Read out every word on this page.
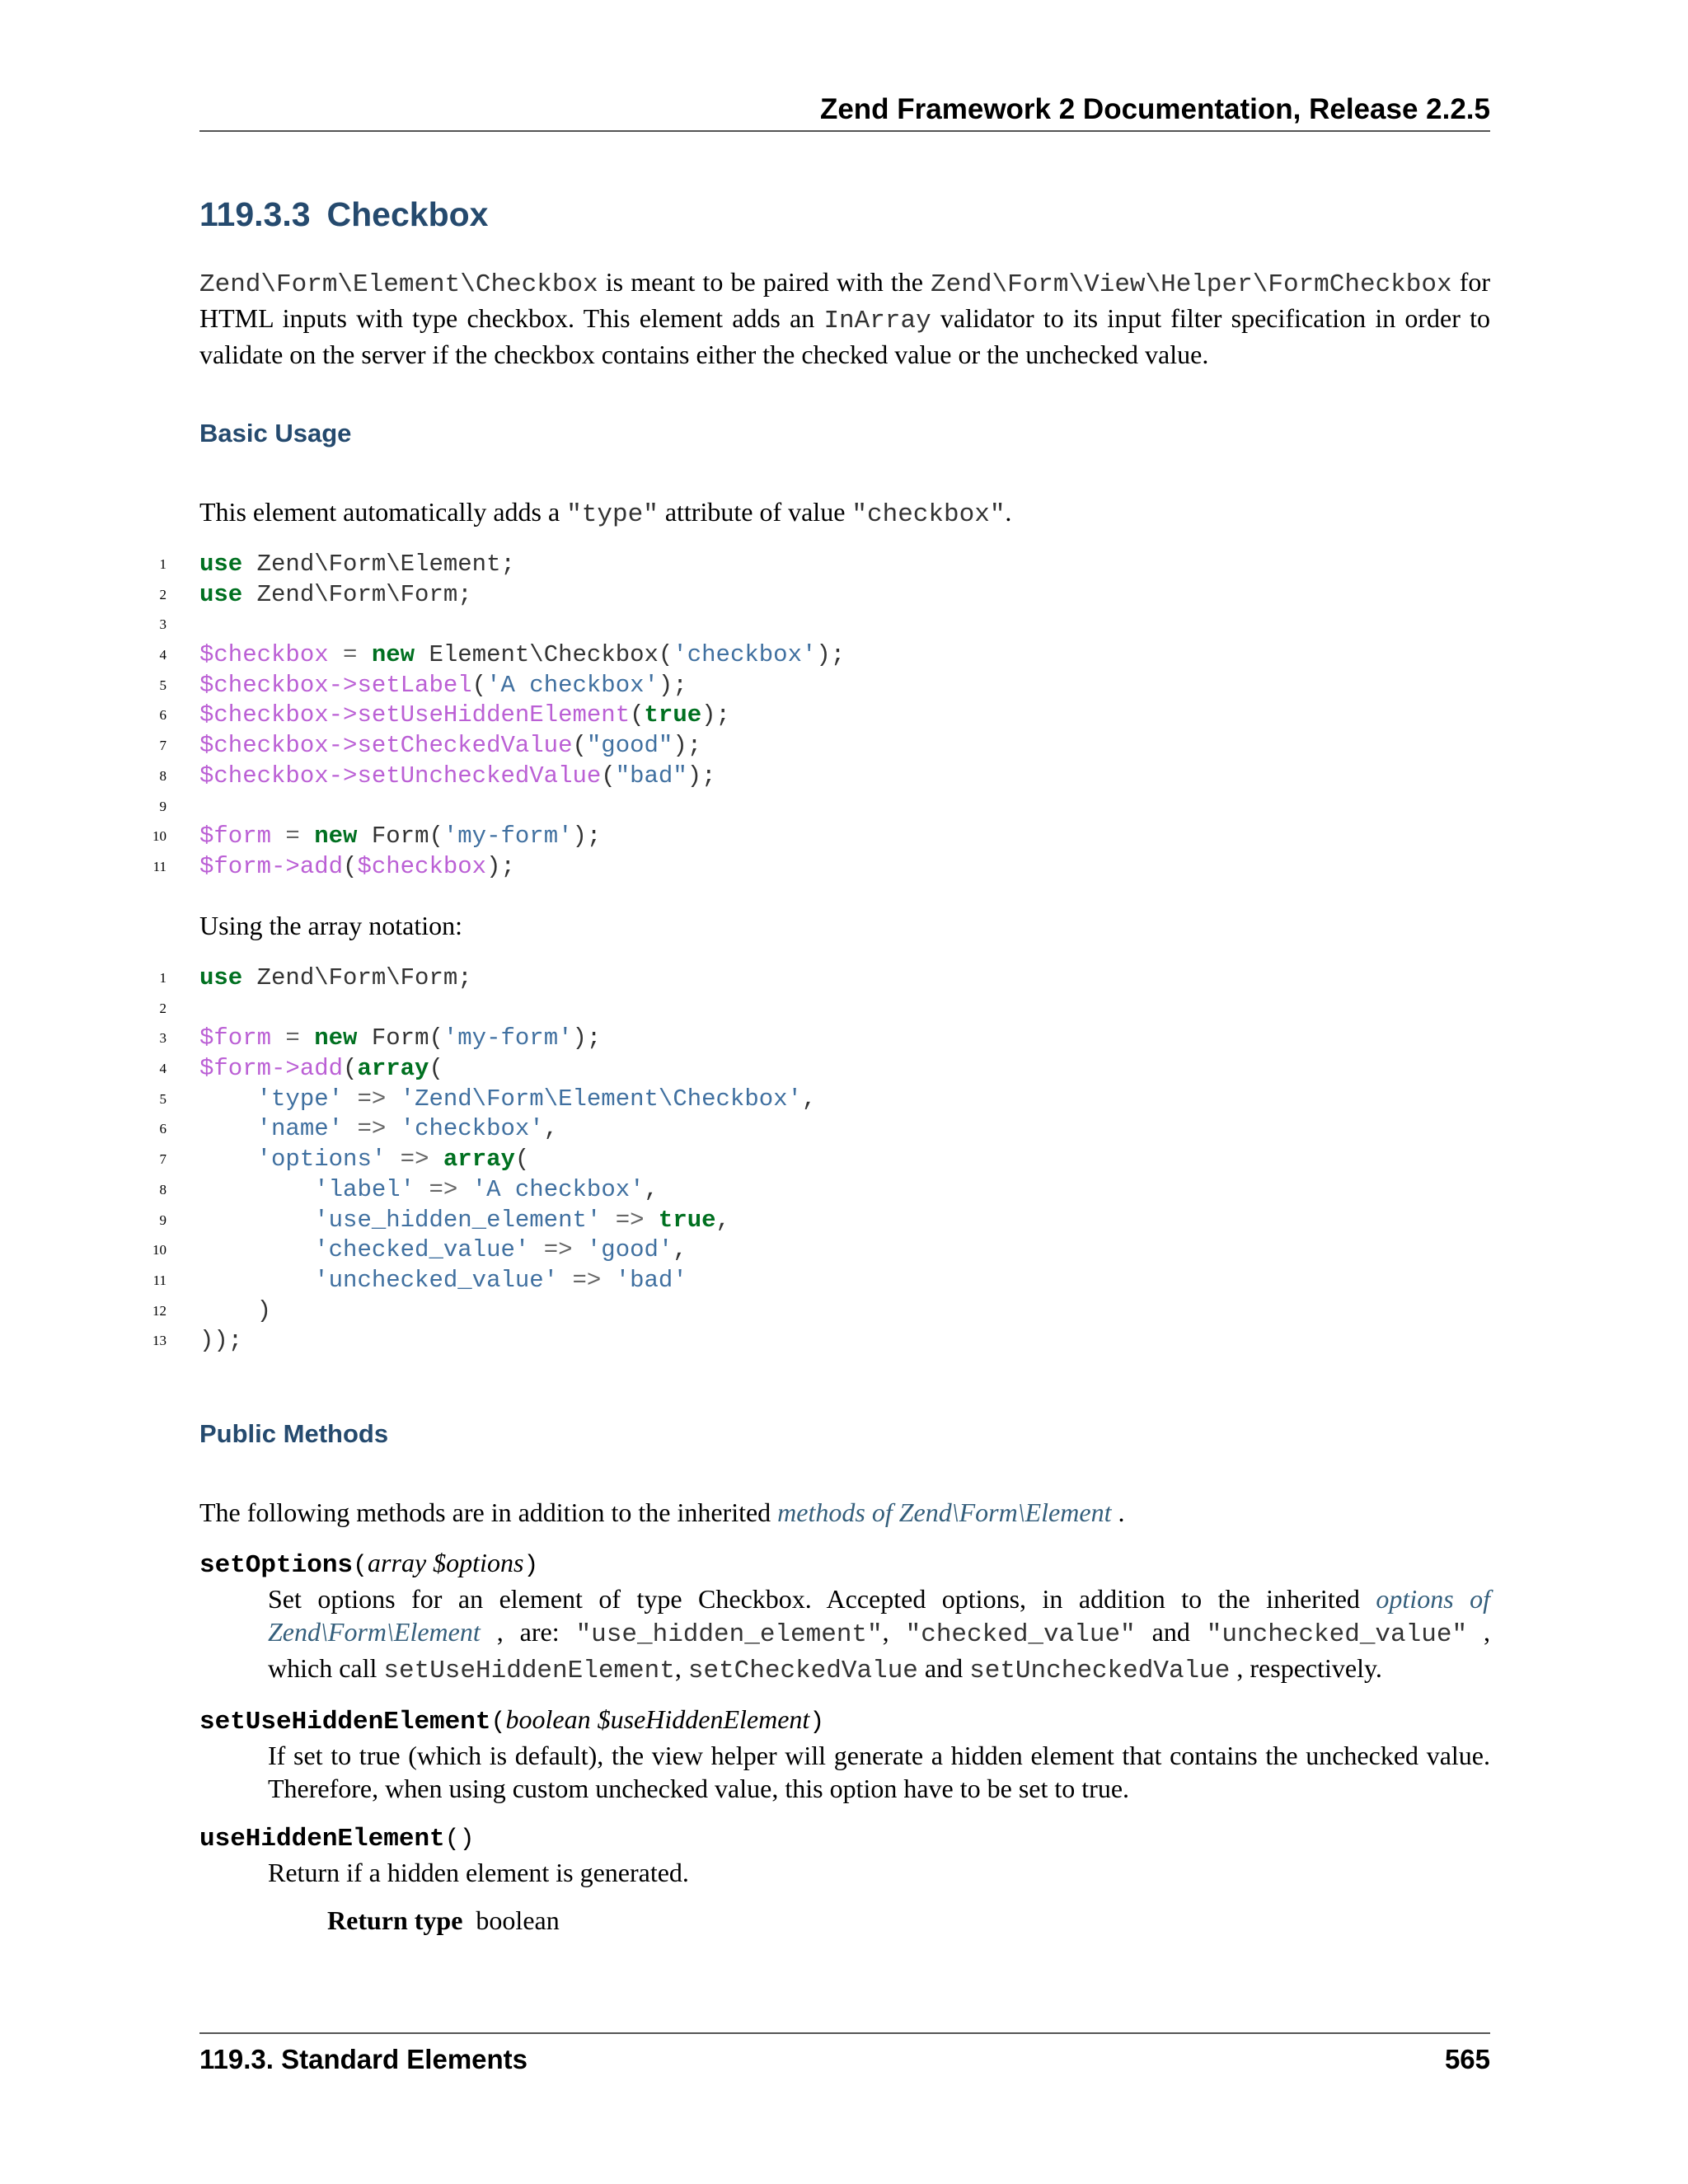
Zend Framework 2 Documentation, Release 2.2.5
119.3.3 Checkbox
Zend\Form\Element\Checkbox is meant to be paired with the Zend\Form\View\Helper\FormCheckbox for HTML inputs with type checkbox. This element adds an InArray validator to its input filter specification in order to validate on the server if the checkbox contains either the checked value or the unchecked value.
Basic Usage
This element automatically adds a "type" attribute of value "checkbox".
1 use Zend\Form\Element;
2 use Zend\Form\Form;
3
4 $checkbox = new Element\Checkbox('checkbox');
5 $checkbox->setLabel('A checkbox');
6 $checkbox->setUseHiddenElement(true);
7 $checkbox->setCheckedValue("good");
8 $checkbox->setUncheckedValue("bad");
9
10 $form = new Form('my-form');
11 $form->add($checkbox);
Using the array notation:
1 use Zend\Form\Form;
2
3 $form = new Form('my-form');
4 $form->add(array(
5	'type' => 'Zend\Form\Element\Checkbox',
6	'name' => 'checkbox',
7	'options' => array(
8	'label' => 'A checkbox',
9	'use_hidden_element' => true,
10	'checked_value' => 'good',
11	'unchecked_value' => 'bad'
12 )
13 ));
Public Methods
The following methods are in addition to the inherited methods of Zend\Form\Element .
setOptions(array $options)
Set options for an element of type Checkbox. Accepted options, in addition to the inherited options of Zend\Form\Element , are: "use_hidden_element", "checked_value" and "unchecked_value" , which call setUseHiddenElement, setCheckedValue and setUncheckedValue , respectively.
setUseHiddenElement(boolean $useHiddenElement)
If set to true (which is default), the view helper will generate a hidden element that contains the unchecked value. Therefore, when using custom unchecked value, this option have to be set to true.
useHiddenElement()
Return if a hidden element is generated.
Return type boolean
119.3. Standard Elements	565
